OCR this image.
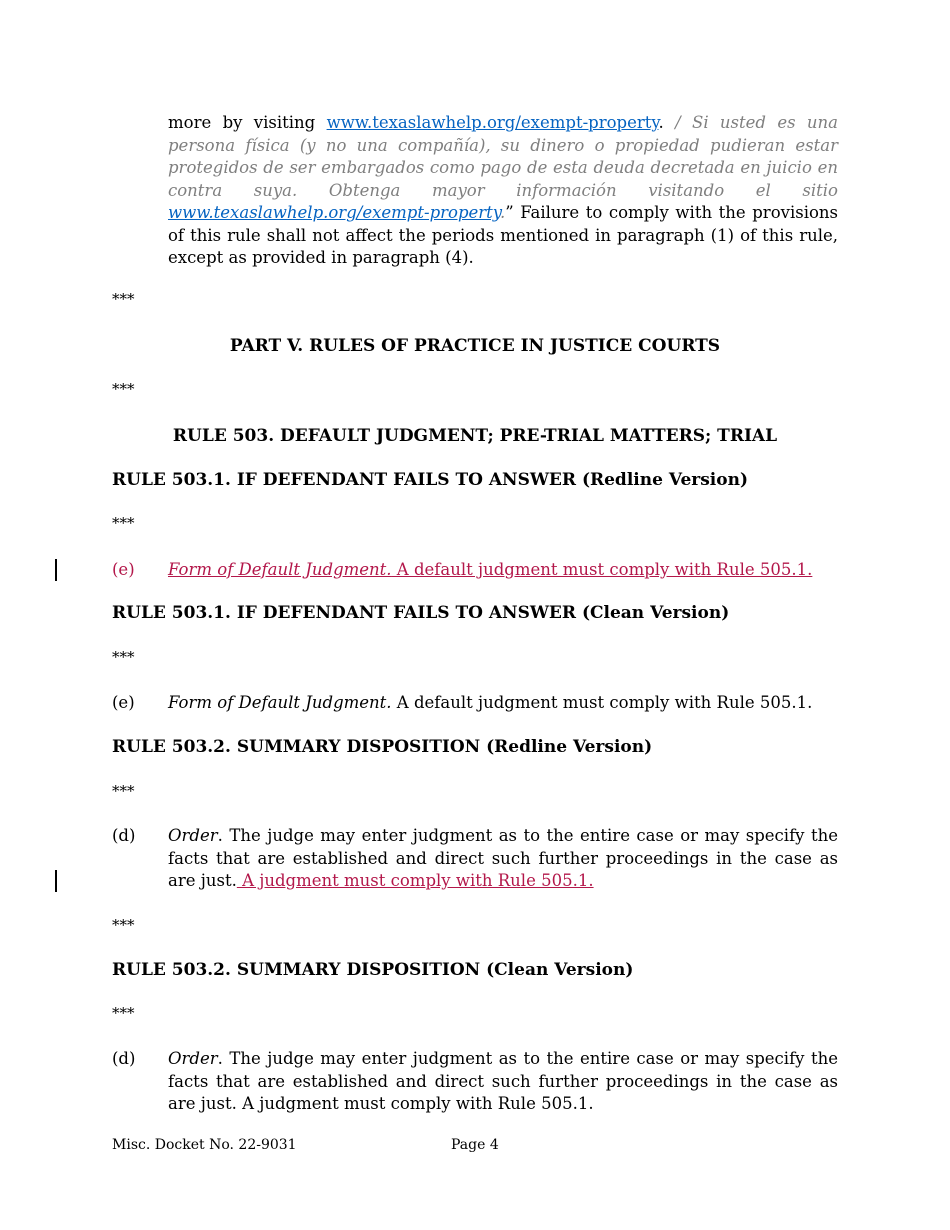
more by visiting www.texaslawhelp.org/exempt-property. / Si usted es una persona física (y no una compañía), su dinero o propiedad pudieran estar protegidos de ser embargados como pago de esta deuda decretada en juicio en contra suya. Obtenga mayor información visitando el sitio www.texaslawhelp.org/exempt-property.” Failure to comply with the provisions of this rule shall not affect the periods mentioned in paragraph (1) of this rule, except as provided in paragraph (4).
***
PART V. RULES OF PRACTICE IN JUSTICE COURTS
***
RULE 503. DEFAULT JUDGMENT; PRE-TRIAL MATTERS; TRIAL
RULE 503.1. IF DEFENDANT FAILS TO ANSWER (Redline Version)
***
(e) Form of Default Judgment. A default judgment must comply with Rule 505.1.
RULE 503.1. IF DEFENDANT FAILS TO ANSWER (Clean Version)
***
(e) Form of Default Judgment. A default judgment must comply with Rule 505.1.
RULE 503.2. SUMMARY DISPOSITION (Redline Version)
***
(d) Order. The judge may enter judgment as to the entire case or may specify the facts that are established and direct such further proceedings in the case as are just. A judgment must comply with Rule 505.1.
***
RULE 503.2. SUMMARY DISPOSITION (Clean Version)
***
(d) Order. The judge may enter judgment as to the entire case or may specify the facts that are established and direct such further proceedings in the case as are just. A judgment must comply with Rule 505.1.
Misc. Docket No. 22-9031	Page 4
